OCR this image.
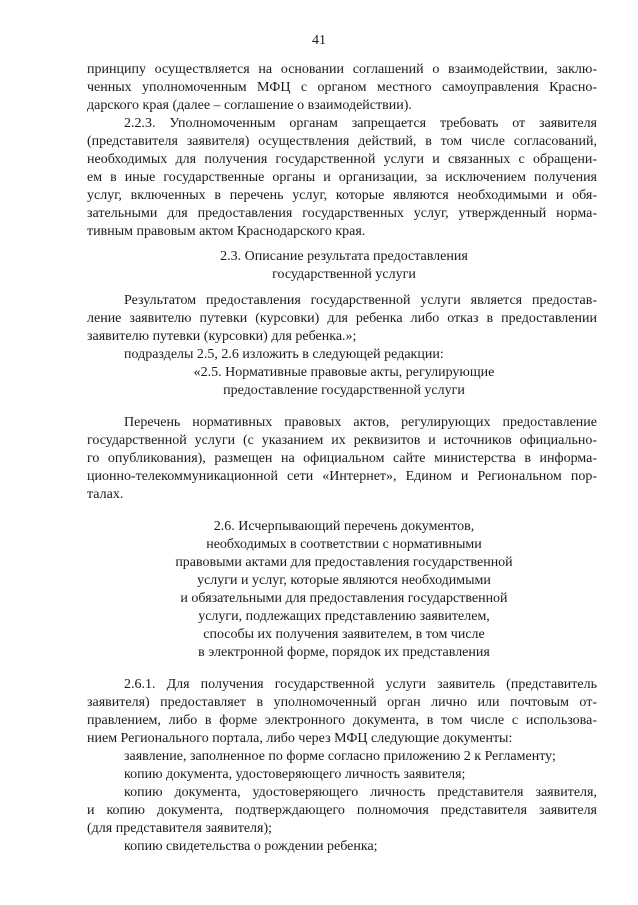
41
принципу осуществляется на основании соглашений о взаимодействии, заклю-
ченных уполномоченным МФЦ с органом местного самоуправления Красно-
дарского края (далее – соглашение о взаимодействии).
2.2.3. Уполномоченным органам запрещается требовать от заявителя
(представителя заявителя) осуществления действий, в том числе согласований,
необходимых для получения государственной услуги и связанных с обращени-
ем в иные государственные органы и организации, за исключением получения
услуг, включенных в перечень услуг, которые являются необходимыми и обя-
зательными для предоставления государственных услуг, утвержденный норма-
тивным правовым актом Краснодарского края.
2.3. Описание результата предоставления
государственной услуги
Результатом предоставления государственной услуги является предостав-
ление заявителю путевки (курсовки) для ребенка либо отказ в предоставлении
заявителю путевки (курсовки) для ребенка.»;
подразделы 2.5, 2.6 изложить в следующей редакции:
«2.5. Нормативные правовые акты, регулирующие
предоставление государственной услуги
Перечень нормативных правовых актов, регулирующих предоставление
государственной услуги (с указанием их реквизитов и источников официально-
го опубликования), размещен на официальном сайте министерства в информа-
ционно-телекоммуникационной сети «Интернет», Едином и Региональном пор-
талах.
2.6. Исчерпывающий перечень документов,
необходимых в соответствии с нормативными
правовыми актами для предоставления государственной
услуги и услуг, которые являются необходимыми
и обязательными для предоставления государственной
услуги, подлежащих представлению заявителем,
способы их получения заявителем, в том числе
в электронной форме, порядок их представления
2.6.1. Для получения государственной услуги заявитель (представитель
заявителя) предоставляет в уполномоченный орган лично или почтовым от-
правлением, либо в форме электронного документа, в том числе с использова-
нием Регионального портала, либо через МФЦ следующие документы:
заявление, заполненное по форме согласно приложению 2 к Регламенту;
копию документа, удостоверяющего личность заявителя;
копию документа, удостоверяющего личность представителя заявителя,
и копию документа, подтверждающего полномочия представителя заявителя
(для представителя заявителя);
копию свидетельства о рождении ребенка;
